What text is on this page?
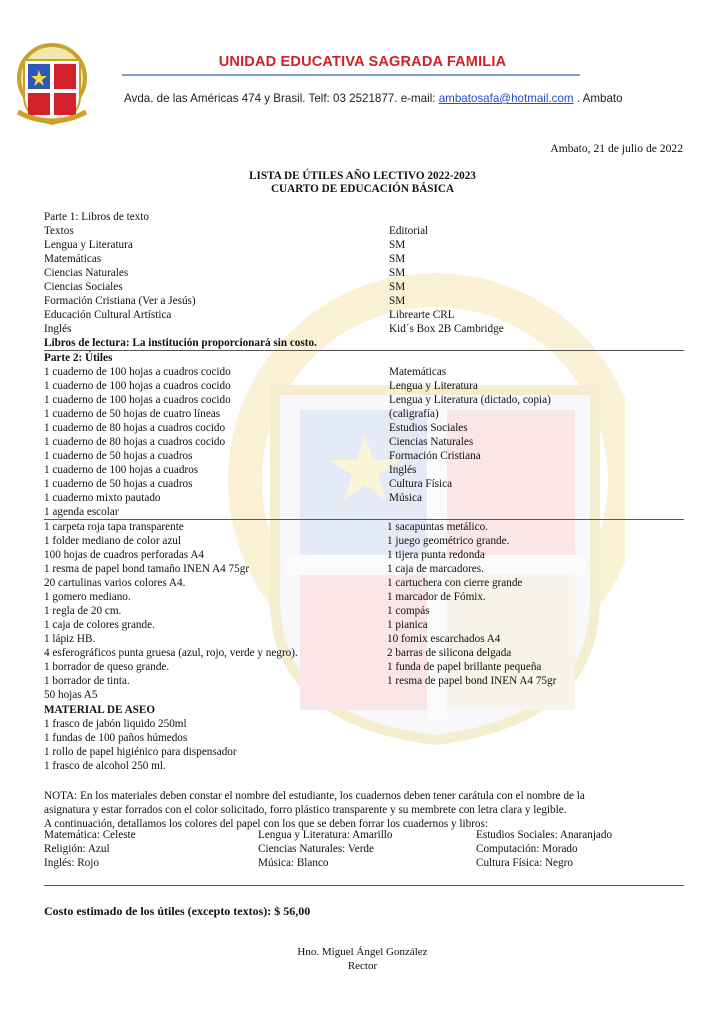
UNIDAD EDUCATIVA SAGRADA FAMILIA
Avda. de las Américas 474 y Brasil. Telf: 03 2521877. e-mail: ambatosafa@hotmail.com . Ambato
Ambato, 21 de julio de 2022
LISTA DE ÚTILES AÑO LECTIVO 2022-2023
CUARTO DE EDUCACIÓN BÁSICA
Parte 1: Libros de texto
Textos	Editorial
Lengua y Literatura	SM
Matemáticas	SM
Ciencias Naturales	SM
Ciencias Sociales	SM
Formación Cristiana (Ver a Jesús)	SM
Educación Cultural Artística	Librearte CRL
Inglés	Kid´s Box 2B Cambridge
Libros de lectura: La institución proporcionará sin costo.
Parte 2: Útiles
1 cuaderno de 100 hojas a cuadros cocido	Matemáticas
1 cuaderno de 100 hojas a cuadros cocido	Lengua y Literatura
1 cuaderno de 100 hojas a cuadros cocido	Lengua y Literatura (dictado, copia)
1 cuaderno de 50 hojas de cuatro líneas	(caligrafía)
1 cuaderno de 80 hojas a cuadros cocido	Estudios Sociales
1 cuaderno de 80 hojas a cuadros cocido	Ciencias Naturales
1 cuaderno de 50 hojas a cuadros	Formación Cristiana
1 cuaderno de 100 hojas a cuadros	Inglés
1 cuaderno de 50 hojas a cuadros	Cultura Física
1 cuaderno mixto pautado	Música
1 agenda escolar
1 carpeta roja tapa transparente	1 sacapuntas metálico.
1 folder mediano de color azul	1 juego geométrico grande.
100 hojas de cuadros perforadas A4	1 tijera punta redonda
1 resma de papel bond tamaño INEN A4 75gr	1 caja de marcadores.
20 cartulinas varios colores A4.	1 cartuchera con cierre grande
1 gomero mediano.	1 marcador de Fómix.
1 regla de 20 cm.	1 compás
1 caja de colores grande.	1 pianica
1 lápiz HB.	10 fomix escarchados A4
4 esferográficos punta gruesa (azul, rojo, verde y negro).	2 barras de silicona delgada
1 borrador de queso grande.	1 funda de papel brillante pequeña
1 borrador de tinta.	1 resma de papel bond INEN A4 75gr
50 hojas A5
MATERIAL DE ASEO
1 frasco de jabón liquido 250ml
1 fundas de 100 paños húmedos
1 rollo de papel higiénico para dispensador
1 frasco de alcohol 250 ml.
NOTA: En los materiales deben constar el nombre del estudiante, los cuadernos deben tener carátula con el nombre de la
asignatura y estar forrados con el color solicitado, forro plástico transparente y su membrete con letra clara y legible.
A continuación, detallamos los colores del papel con los que se deben forrar los cuadernos y libros:
Matemática: Celeste	Lengua y Literatura: Amarillo	Estudios Sociales: Anaranjado
Religión: Azul	Ciencias Naturales: Verde	Computación: Morado
Inglés: Rojo	Música: Blanco	Cultura Física: Negro
Costo estimado de los útiles (excepto textos): $ 56,00
Hno. Miguel Ángel González
Rector
